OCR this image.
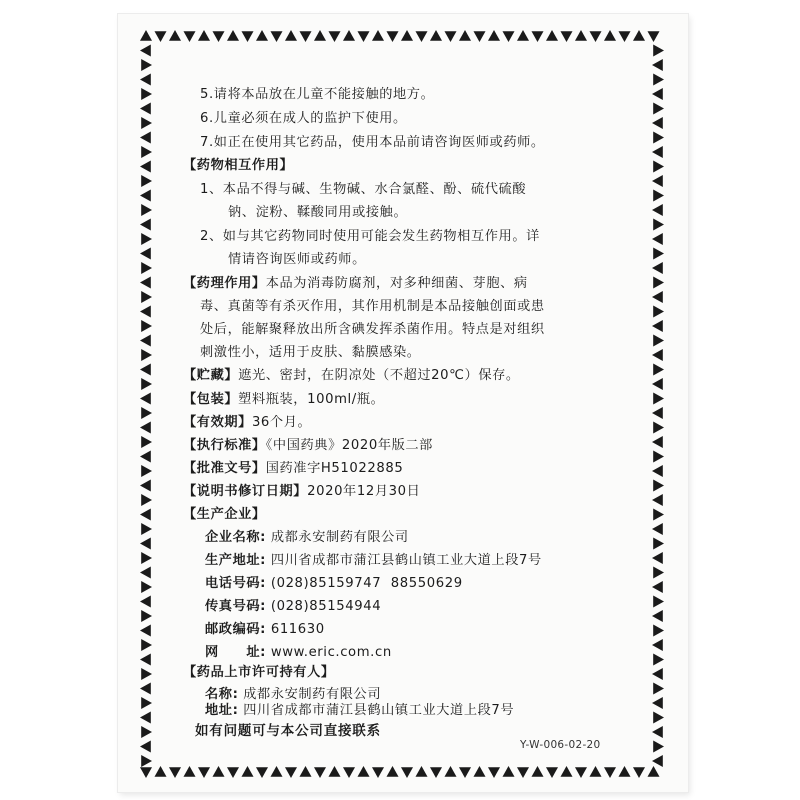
5.请将本品放在儿童不能接触的地方。
6.儿童必须在成人的监护下使用。
7.如正在使用其它药品，使用本品前请咨询医师或药师。
【药物相互作用】
1、本品不得与碱、生物碱、水合氯醛、酚、硫代硫酸
钠、淀粉、鞣酸同用或接触。
2、如与其它药物同时使用可能会发生药物相互作用。详
情请咨询医师或药师。
【药理作用】本品为消毒防腐剂，对多种细菌、芽胞、病
毒、真菌等有杀灭作用，其作用机制是本品接触创面或患
处后，能解聚释放出所含碘发挥杀菌作用。特点是对组织
刺激性小，适用于皮肤、黏膜感染。
【贮藏】遮光、密封，在阴凉处（不超过20℃）保存。
【包装】塑料瓶装，100ml/瓶。
【有效期】36个月。
【执行标准】《中国药典》2020年版二部
【批准文号】国药准字H51022885
【说明书修订日期】2020年12月30日
【生产企业】
企业名称: 成都永安制药有限公司
生产地址: 四川省成都市蒲江县鹤山镇工业大道上段7号
电话号码: (028)85159747  88550629
传真号码: (028)85154944
邮政编码: 611630
网　　址: www.eric.com.cn
【药品上市许可持有人】
名称: 成都永安制药有限公司
地址: 四川省成都市蒲江县鹤山镇工业大道上段7号
如有问题可与本公司直接联系
Y-W-006-02-20
